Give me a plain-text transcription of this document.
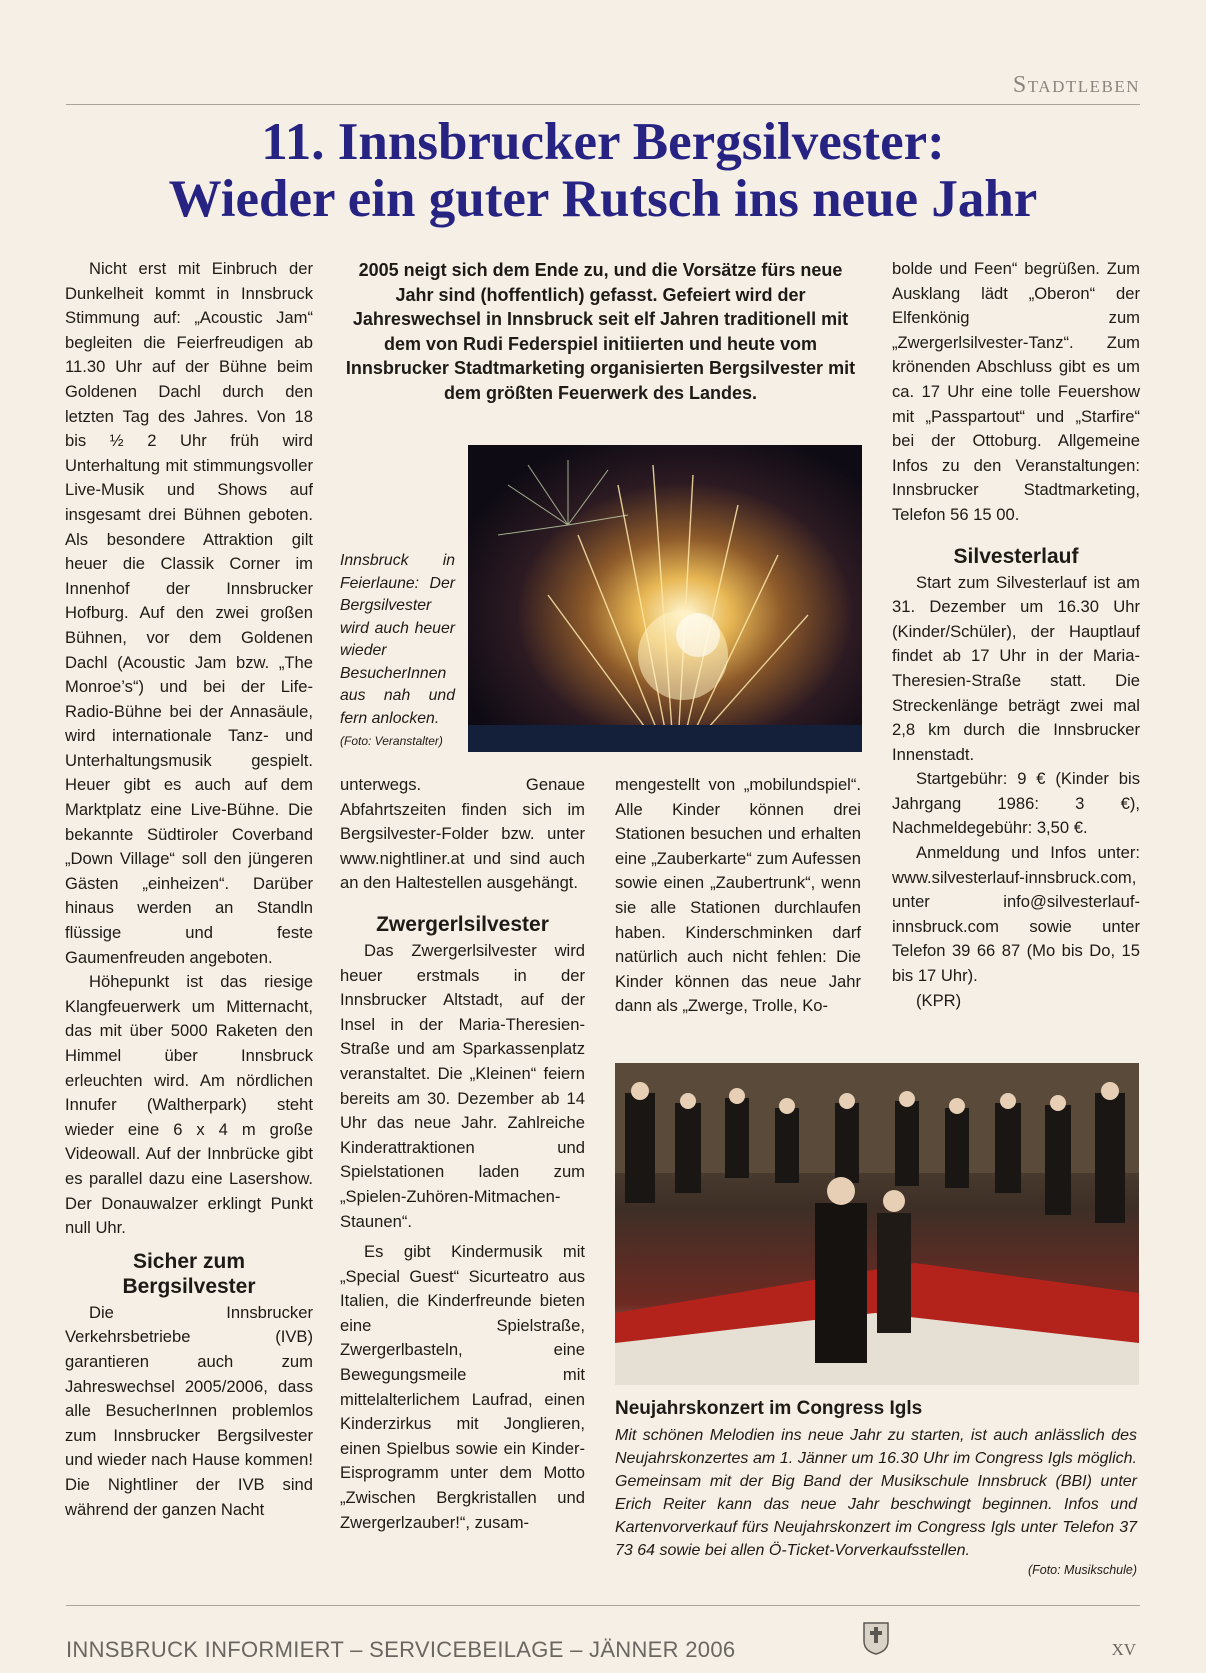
Stadtleben
11. Innsbrucker Bergsilvester:
Wieder ein guter Rutsch ins neue Jahr

Nicht erst mit Einbruch der Dunkelheit kommt in Innsbruck Stimmung auf: „Acoustic Jam“ begleiten die Feierfreudigen ab 11.30 Uhr auf der Bühne beim Goldenen Dachl durch den letzten Tag des Jahres. Von 18 bis ½ 2 Uhr früh wird Unterhaltung mit stimmungsvoller Live-Musik und Shows auf insgesamt drei Bühnen geboten. Als besondere Attraktion gilt heuer die Classik Corner im Innenhof der Innsbrucker Hofburg. Auf den zwei großen Bühnen, vor dem Goldenen Dachl (Acoustic Jam bzw. „The Monroe’s“) und bei der Life-Radio-Bühne bei der Annasäule, wird internationale Tanz- und Unterhaltungsmusik gespielt. Heuer gibt es auch auf dem Marktplatz eine Live-Bühne. Die bekannte Südtiroler Coverband „Down Village“ soll den jüngeren Gästen „einheizen“. Darüber hinaus werden an Standln flüssige und feste Gaumenfreuden angeboten.

Höhepunkt ist das riesige Klangfeuerwerk um Mitternacht, das mit über 5000 Raketen den Himmel über Innsbruck erleuchten wird. Am nördlichen Innufer (Waltherpark) steht wieder eine 6 x 4 m große Videowall. Auf der Innbrücke gibt es parallel dazu eine Lasershow. Der Donauwalzer erklingt Punkt null Uhr.

Sicher zum
Bergsilvester

Die Innsbrucker Verkehrsbetriebe (IVB) garantieren auch zum Jahreswechsel 2005/2006, dass alle BesucherInnen problemlos zum Innsbrucker Bergsilvester und wieder nach Hause kommen! Die Nightliner der IVB sind während der ganzen Nacht

2005 neigt sich dem Ende zu, und die Vorsätze fürs neue Jahr sind (hoffentlich) gefasst. Gefeiert wird der Jahreswechsel in Innsbruck seit elf Jahren traditionell mit dem von Rudi Federspiel initiierten und heute vom Innsbrucker Stadtmarketing organisierten Bergsilvester mit dem größten Feuerwerk des Landes.
Innsbruck in Feierlaune: Der Bergsilvester wird auch heuer wieder BesucherInnen aus nah und fern anlocken.
(Foto: Veranstalter)

unterwegs. Genaue Abfahrtszeiten finden sich im Bergsilvester-Folder bzw. unter www.nightliner.at und sind auch an den Haltestellen ausgehängt.

Zwergerlsilvester

Das Zwergerlsilvester wird heuer erstmals in der Innsbrucker Altstadt, auf der Insel in der Maria-Theresien-Straße und am Sparkassenplatz veranstaltet. Die „Kleinen“ feiern bereits am 30. Dezember ab 14 Uhr das neue Jahr. Zahlreiche Kinderattraktionen und Spielstationen laden zum „Spielen-Zuhören-Mitmachen-Staunen“.

Es gibt Kindermusik mit „Special Guest“ Sicurteatro aus Italien, die Kinderfreunde bieten eine Spielstraße, Zwergerlbasteln, eine Bewegungsmeile mit mittelalterlichem Laufrad, einen Kinderzirkus mit Jonglieren, einen Spielbus sowie ein Kinder-Eisprogramm unter dem Motto „Zwischen Bergkristallen und Zwergerlzauber!“, zusam-

mengestellt von „mobilundspiel“. Alle Kinder können drei Stationen besuchen und erhalten eine „Zauberkarte“ zum Aufessen sowie einen „Zaubertrunk“, wenn sie alle Stationen durchlaufen haben. Kinderschminken darf natürlich auch nicht fehlen: Die Kinder können das neue Jahr dann als „Zwerge, Trolle, Ko-

bolde und Feen“ begrüßen. Zum Ausklang lädt „Oberon“ der Elfenkönig zum „Zwergerlsilvester-Tanz“. Zum krönenden Abschluss gibt es um ca. 17 Uhr eine tolle Feuershow mit „Passpartout“ und „Starfire“ bei der Ottoburg. Allgemeine Infos zu den Veranstaltungen: Innsbrucker Stadtmarketing, Telefon 56 15 00.

Silvesterlauf

Start zum Silvesterlauf ist am 31. Dezember um 16.30 Uhr (Kinder/Schüler), der Hauptlauf findet ab 17 Uhr in der Maria-Theresien-Straße statt. Die Streckenlänge beträgt zwei mal 2,8 km durch die Innsbrucker Innenstadt.

Startgebühr: 9 € (Kinder bis Jahrgang 1986: 3 €), Nachmeldegebühr: 3,50 €.

Anmeldung und Infos unter: www.silvesterlauf-innsbruck.com, unter info@silvesterlauf-innsbruck.com sowie unter Telefon 39 66 87 (Mo bis Do, 15 bis 17 Uhr).

(KPR)

Neujahrskonzert im Congress Igls
Mit schönen Melodien ins neue Jahr zu starten, ist auch anlässlich des Neujahrskonzertes am 1. Jänner um 16.30 Uhr im Congress Igls möglich. Gemeinsam mit der Big Band der Musikschule Innsbruck (BBI) unter Erich Reiter kann das neue Jahr beschwingt beginnen. Infos und Kartenvorverkauf fürs Neujahrskonzert im Congress Igls unter Telefon 37 73 64 sowie bei allen Ö-Ticket-Vorverkaufsstellen.
(Foto: Musikschule)
INNSBRUCK INFORMIERT – SERVICEBEILAGE – JÄNNER 2006	XV
